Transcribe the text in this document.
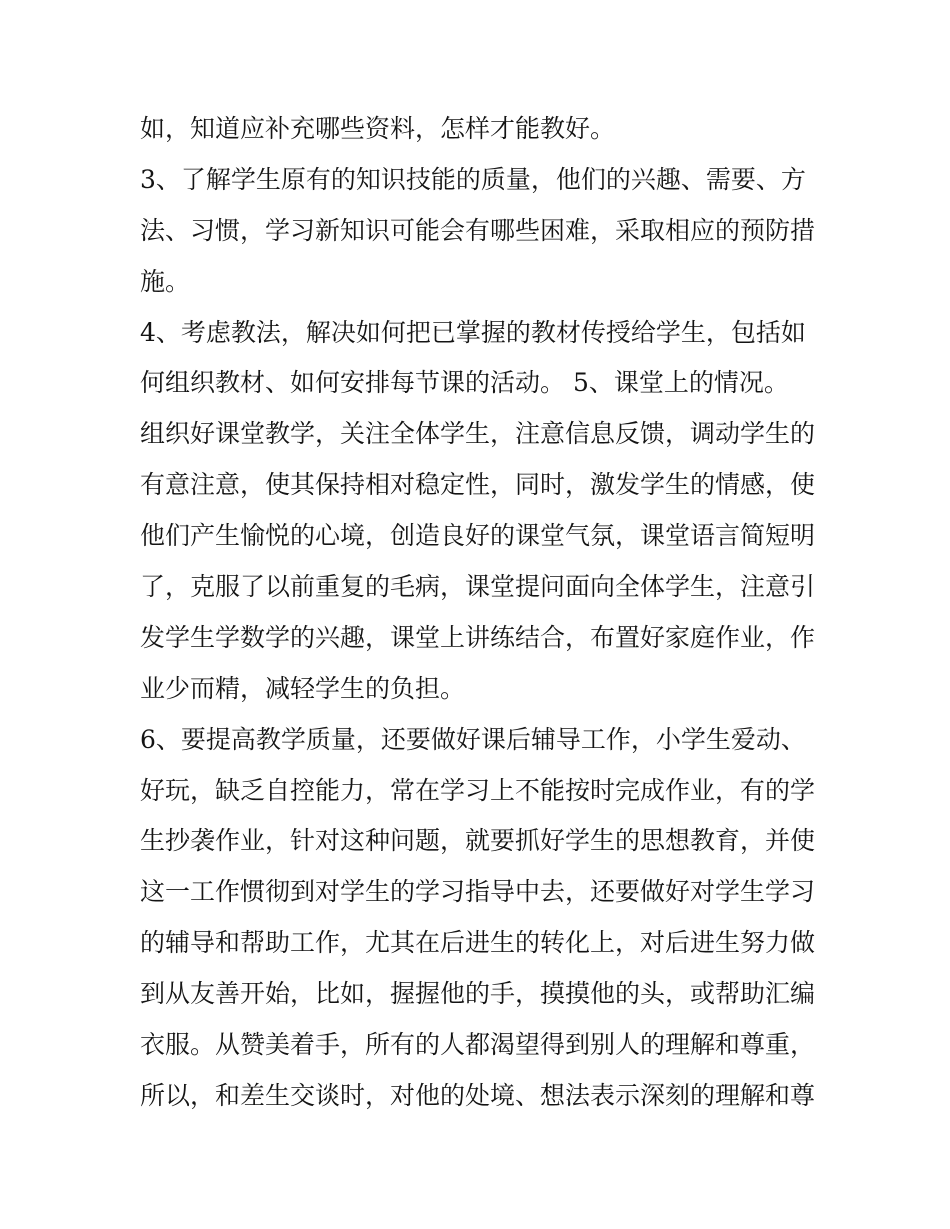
如，知道应补充哪些资料，怎样才能教好。
3、了解学生原有的知识技能的质量，他们的兴趣、需要、方
法、习惯，学习新知识可能会有哪些困难，采取相应的预防措
施。
4、考虑教法，解决如何把已掌握的教材传授给学生，包括如
何组织教材、如何安排每节课的活动。 5、课堂上的情况。
组织好课堂教学，关注全体学生，注意信息反馈，调动学生的
有意注意，使其保持相对稳定性，同时，激发学生的情感，使
他们产生愉悦的心境，创造良好的课堂气氛，课堂语言简短明
了，克服了以前重复的毛病，课堂提问面向全体学生，注意引
发学生学数学的兴趣，课堂上讲练结合，布置好家庭作业，作
业少而精，减轻学生的负担。
6、要提高教学质量，还要做好课后辅导工作，小学生爱动、
好玩，缺乏自控能力，常在学习上不能按时完成作业，有的学
生抄袭作业，针对这种问题，就要抓好学生的思想教育，并使
这一工作惯彻到对学生的学习指导中去，还要做好对学生学习
的辅导和帮助工作，尤其在后进生的转化上，对后进生努力做
到从友善开始，比如，握握他的手，摸摸他的头，或帮助汇编
衣服。从赞美着手，所有的人都渴望得到别人的理解和尊重，
所以，和差生交谈时，对他的处境、想法表示深刻的理解和尊
